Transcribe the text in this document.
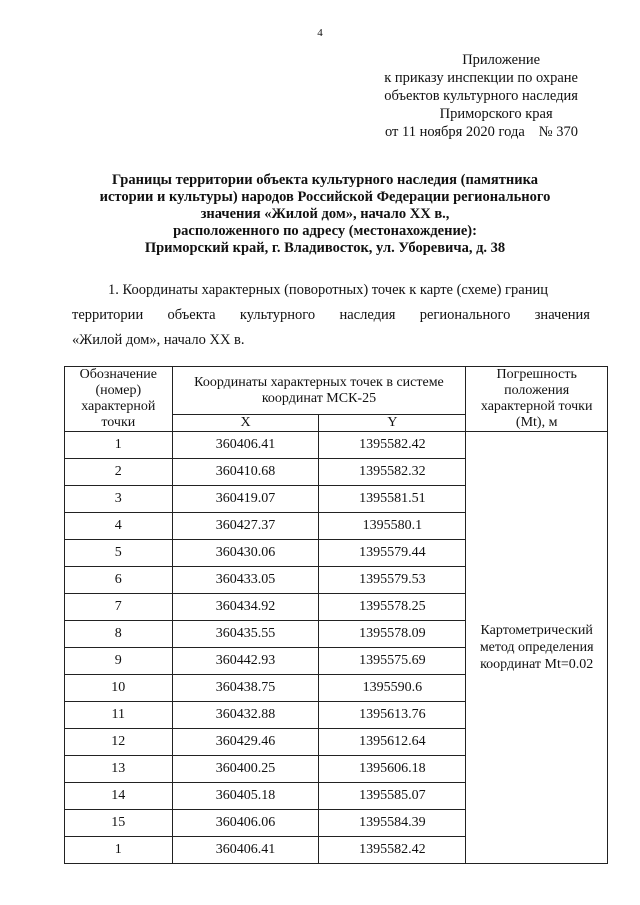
4
Приложение
к приказу инспекции по охране
объектов культурного наследия
Приморского края
от 11 ноября 2020 года № 370
Границы территории объекта культурного наследия (памятника
истории и культуры) народов Российской Федерации регионального
значения «Жилой дом», начало XX в.,
расположенного по адресу (местонахождение):
Приморский край, г. Владивосток, ул. Уборевича, д. 38
1. Координаты характерных (поворотных) точек к карте (схеме) границ
территории объекта культурного наследия регионального значения
«Жилой дом», начало XX в.
Обозначение (номер) характерной точки	Координаты характерных точек в системе координат МСК-25		Погрешность положения характерной точки (Mt), м
	X	Y	
1	360406.41	1395582.42	Картометрический метод определения координат Mt=0.02
2	360410.68	1395582.32	
3	360419.07	1395581.51	
4	360427.37	1395580.1	
5	360430.06	1395579.44	
6	360433.05	1395579.53	
7	360434.92	1395578.25	
8	360435.55	1395578.09	
9	360442.93	1395575.69	
10	360438.75	1395590.6	
11	360432.88	1395613.76	
12	360429.46	1395612.64	
13	360400.25	1395606.18	
14	360405.18	1395585.07	
15	360406.06	1395584.39	
1	360406.41	1395582.42	
